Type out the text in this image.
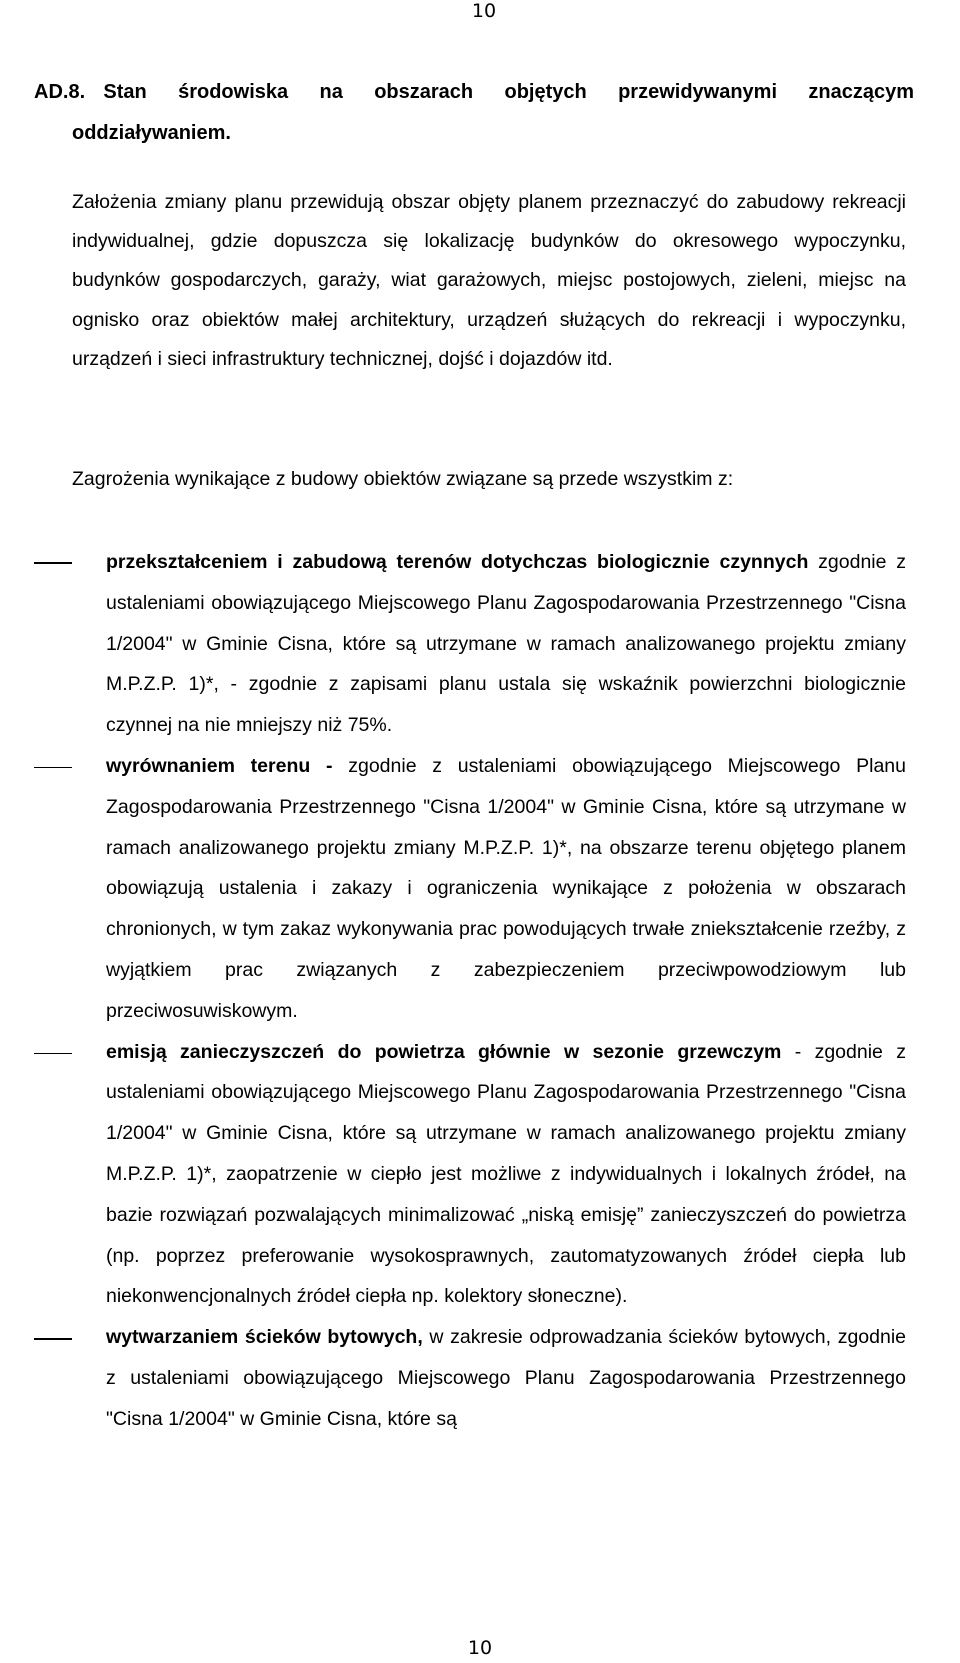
10
AD.8. Stan środowiska na obszarach objętych przewidywanymi znaczącym
oddziaływaniem.
Założenia zmiany planu przewidują obszar objęty planem przeznaczyć do zabudowy rekreacji indywidualnej, gdzie dopuszcza się lokalizację budynków do okresowego wypoczynku, budynków gospodarczych, garaży, wiat garażowych, miejsc postojowych, zieleni, miejsc na ognisko oraz obiektów małej architektury, urządzeń służących do rekreacji i wypoczynku, urządzeń i sieci infrastruktury technicznej, dojść i dojazdów itd.
Zagrożenia wynikające z budowy obiektów związane są przede wszystkim z:
przekształceniem i zabudową terenów dotychczas biologicznie czynnych zgodnie z ustaleniami obowiązującego Miejscowego Planu Zagospodarowania Przestrzennego "Cisna 1/2004" w Gminie Cisna, które są utrzymane w ramach analizowanego projektu zmiany M.P.Z.P. 1)*, - zgodnie z zapisami planu ustala się wskaźnik powierzchni biologicznie czynnej na nie mniejszy niż 75%.
wyrównaniem terenu - zgodnie z ustaleniami obowiązującego Miejscowego Planu Zagospodarowania Przestrzennego "Cisna 1/2004" w Gminie Cisna, które są utrzymane w ramach analizowanego projektu zmiany M.P.Z.P. 1)*, na obszarze terenu objętego planem obowiązują ustalenia i zakazy i ograniczenia wynikające z położenia w obszarach chronionych, w tym zakaz wykonywania prac powodujących trwałe zniekształcenie rzeźby, z wyjątkiem prac związanych z zabezpieczeniem przeciwpowodziowym lub przeciwosuwiskowym.
emisją zanieczyszczeń do powietrza głównie w sezonie grzewczym - zgodnie z ustaleniami obowiązującego Miejscowego Planu Zagospodarowania Przestrzennego "Cisna 1/2004" w Gminie Cisna, które są utrzymane w ramach analizowanego projektu zmiany M.P.Z.P. 1)*, zaopatrzenie w ciepło jest możliwe z indywidualnych i lokalnych źródeł, na bazie rozwiązań pozwalających minimalizować „niską emisję” zanieczyszczeń do powietrza (np. poprzez preferowanie wysokosprawnych, zautomatyzowanych źródeł ciepła lub niekonwencjonalnych źródeł ciepła np. kolektory słoneczne).
wytwarzaniem ścieków bytowych, w zakresie odprowadzania ścieków bytowych, zgodnie z ustaleniami obowiązującego Miejscowego Planu Zagospodarowania Przestrzennego "Cisna 1/2004" w Gminie Cisna, które są
10
